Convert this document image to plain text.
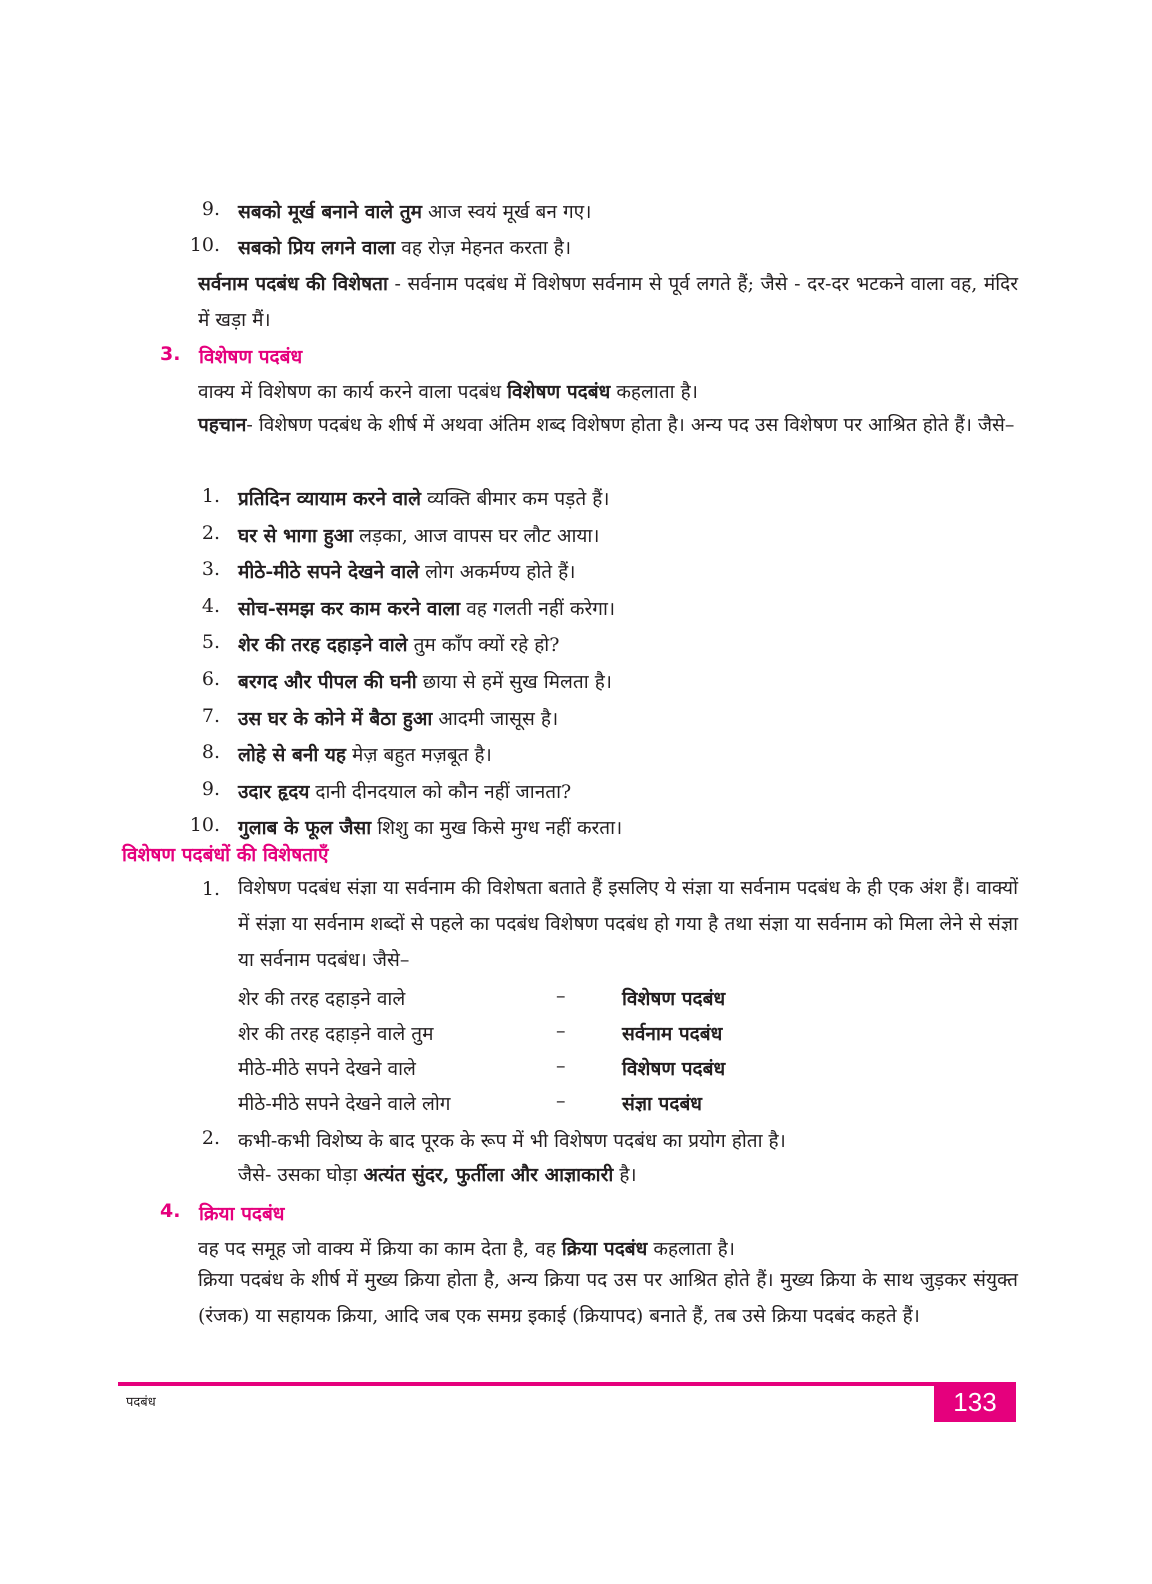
9. सबको मूर्ख बनाने वाले तुम आज स्वयं मूर्ख बन गए।
10. सबको प्रिय लगने वाला वह रोज़ मेहनत करता है।
सर्वनाम पदबंध की विशेषता - सर्वनाम पदबंध में विशेषण सर्वनाम से पूर्व लगते हैं; जैसे - दर-दर भटकने वाला वह, मंदिर में खड़ा मैं।
3. विशेषण पदबंध
वाक्य में विशेषण का कार्य करने वाला पदबंध विशेषण पदबंध कहलाता है।
पहचान- विशेषण पदबंध के शीर्ष में अथवा अंतिम शब्द विशेषण होता है। अन्य पद उस विशेषण पर आश्रित होते हैं। जैसे–
1. प्रतिदिन व्यायाम करने वाले व्यक्ति बीमार कम पड़ते हैं।
2. घर से भागा हुआ लड़का, आज वापस घर लौट आया।
3. मीठे-मीठे सपने देखने वाले लोग अकर्मण्य होते हैं।
4. सोच-समझ कर काम करने वाला वह गलती नहीं करेगा।
5. शेर की तरह दहाड़ने वाले तुम काँप क्यों रहे हो?
6. बरगद और पीपल की घनी छाया से हमें सुख मिलता है।
7. उस घर के कोने में बैठा हुआ आदमी जासूस है।
8. लोहे से बनी यह मेज़ बहुत मज़बूत है।
9. उदार हृदय दानी दीनदयाल को कौन नहीं जानता?
10. गुलाब के फूल जैसा शिशु का मुख किसे मुग्ध नहीं करता।
विशेषण पदबंधों की विशेषताएँ
1. विशेषण पदबंध संज्ञा या सर्वनाम की विशेषता बताते हैं इसलिए ये संज्ञा या सर्वनाम पदबंध के ही एक अंश हैं। वाक्यों में संज्ञा या सर्वनाम शब्दों से पहले का पदबंध विशेषण पदबंध हो गया है तथा संज्ञा या सर्वनाम को मिला लेने से संज्ञा या सर्वनाम पदबंध। जैसे–
शेर की तरह दहाड़ने वाले	–	विशेषण पदबंध
शेर की तरह दहाड़ने वाले तुम	–	सर्वनाम पदबंध
मीठे-मीठे सपने देखने वाले	–	विशेषण पदबंध
मीठे-मीठे सपने देखने वाले लोग	–	संज्ञा पदबंध
2. कभी-कभी विशेष्य के बाद पूरक के रूप में भी विशेषण पदबंध का प्रयोग होता है।
जैसे- उसका घोड़ा अत्यंत सुंदर, फुर्तीला और आज्ञाकारी है।
4. क्रिया पदबंध
वह पद समूह जो वाक्य में क्रिया का काम देता है, वह क्रिया पदबंध कहलाता है।
क्रिया पदबंध के शीर्ष में मुख्य क्रिया होता है, अन्य क्रिया पद उस पर आश्रित होते हैं। मुख्य क्रिया के साथ जुड़कर संयुक्त (रंजक) या सहायक क्रिया, आदि जब एक समग्र इकाई (क्रियापद) बनाते हैं, तब उसे क्रिया पदबंद कहते हैं।
पदबंध	133
